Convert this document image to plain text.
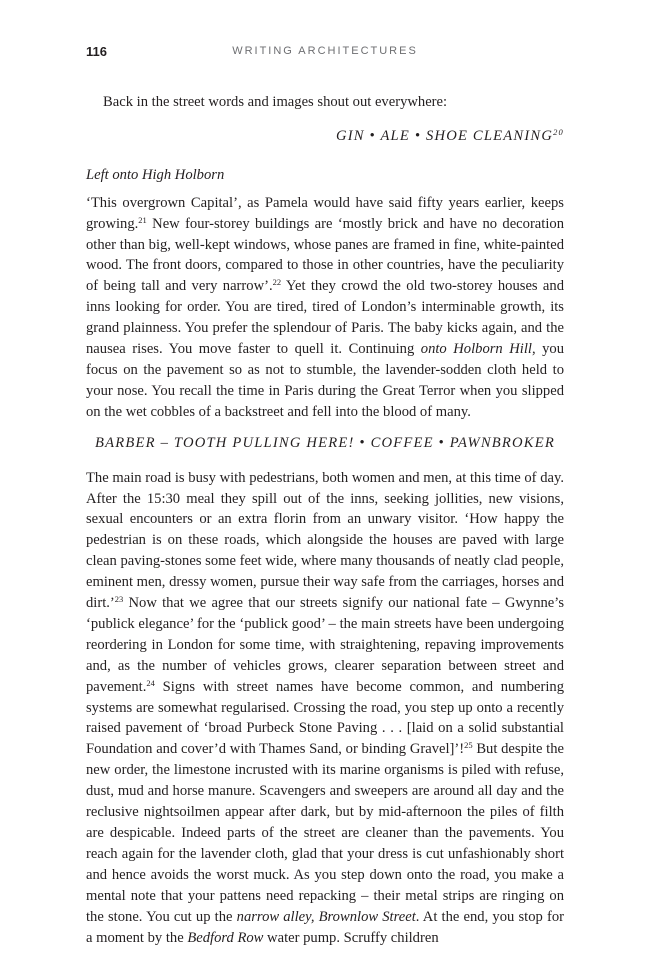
116	WRITING ARCHITECTURES

Back in the street words and images shout out everywhere:

GIN • ALE • SHOE CLEANING$^{20}$

Left onto High Holborn

‘This overgrown Capital’, as Pamela would have said fifty years earlier, keeps growing.$^{21}$ New four-storey buildings are ‘mostly brick and have no decoration other than big, well-kept windows, whose panes are framed in fine, white-painted wood. The front doors, compared to those in other countries, have the peculiarity of being tall and very narrow’.$^{22}$ Yet they crowd the old two-storey houses and inns looking for order. You are tired, tired of London’s interminable growth, its grand plainness. You prefer the splendour of Paris. The baby kicks again, and the nausea rises. You move faster to quell it. Continuing onto Holborn Hill, you focus on the pavement so as not to stumble, the lavender-sodden cloth held to your nose. You recall the time in Paris during the Great Terror when you slipped on the wet cobbles of a backstreet and fell into the blood of many.

BARBER – TOOTH PULLING HERE! • COFFEE • PAWNBROKER

The main road is busy with pedestrians, both women and men, at this time of day. After the 15:30 meal they spill out of the inns, seeking jollities, new visions, sexual encounters or an extra florin from an unwary visitor. ‘How happy the pedestrian is on these roads, which alongside the houses are paved with large clean paving-stones some feet wide, where many thousands of neatly clad people, eminent men, dressy women, pursue their way safe from the carriages, horses and dirt.’$^{23}$ Now that we agree that our streets signify our national fate – Gwynne’s ‘publick elegance’ for the ‘publick good’ – the main streets have been undergoing reordering in London for some time, with straightening, repaving improvements and, as the number of vehicles grows, clearer separation between street and pavement.$^{24}$ Signs with street names have become common, and numbering systems are somewhat regularised. Crossing the road, you step up onto a recently raised pavement of ‘broad Purbeck Stone Paving . . . [laid on a solid substantial Foundation and cover’d with Thames Sand, or binding Gravel]’!$^{25}$ But despite the new order, the limestone incrusted with its marine organisms is piled with refuse, dust, mud and horse manure. Scavengers and sweepers are around all day and the reclusive nightsoilmen appear after dark, but by mid-afternoon the piles of filth are despicable. Indeed parts of the street are cleaner than the pavements. You reach again for the lavender cloth, glad that your dress is cut unfashionably short and hence avoids the worst muck. As you step down onto the road, you make a mental note that your pattens need repacking – their metal strips are ringing on the stone. You cut up the narrow alley, Brownlow Street. At the end, you stop for a moment by the Bedford Row water pump. Scruffy children
